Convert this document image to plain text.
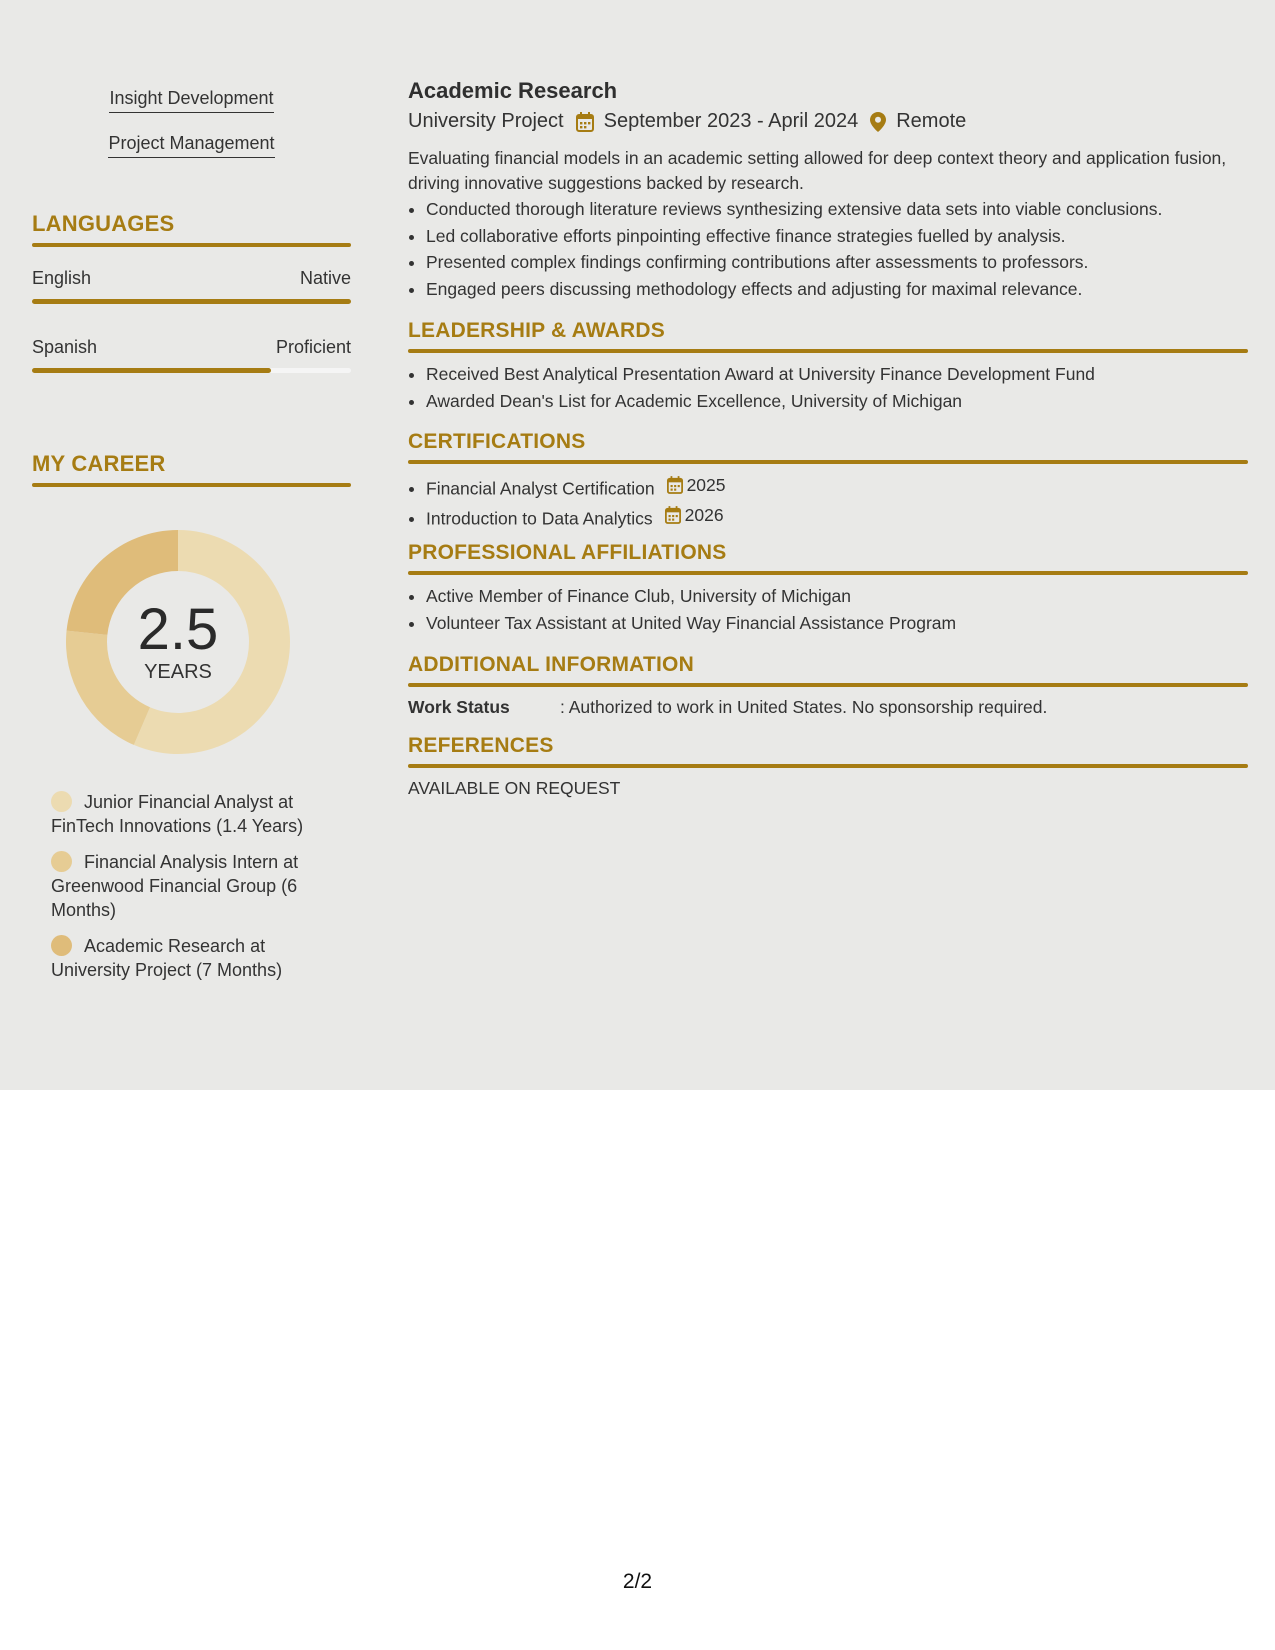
Insight Development
Project Management
LANGUAGES
English	Native
Spanish	Proficient
MY CAREER
2.5
YEARS
Junior Financial Analyst at FinTech Innovations (1.4 Years)
Financial Analysis Intern at Greenwood Financial Group (6 Months)
Academic Research at University Project (7 Months)
Academic Research
University Project September 2023 - April 2024 Remote
Evaluating financial models in an academic setting allowed for deep context theory and application fusion, driving innovative suggestions backed by research.
• Conducted thorough literature reviews synthesizing extensive data sets into viable conclusions.
• Led collaborative efforts pinpointing effective finance strategies fuelled by analysis.
• Presented complex findings confirming contributions after assessments to professors.
• Engaged peers discussing methodology effects and adjusting for maximal relevance.
LEADERSHIP & AWARDS
• Received Best Analytical Presentation Award at University Finance Development Fund
• Awarded Dean's List for Academic Excellence, University of Michigan
CERTIFICATIONS
• Financial Analyst Certification 2025
• Introduction to Data Analytics 2026
PROFESSIONAL AFFILIATIONS
• Active Member of Finance Club, University of Michigan
• Volunteer Tax Assistant at United Way Financial Assistance Program
ADDITIONAL INFORMATION
Work Status	: Authorized to work in United States. No sponsorship required.
REFERENCES
AVAILABLE ON REQUEST
2/2
